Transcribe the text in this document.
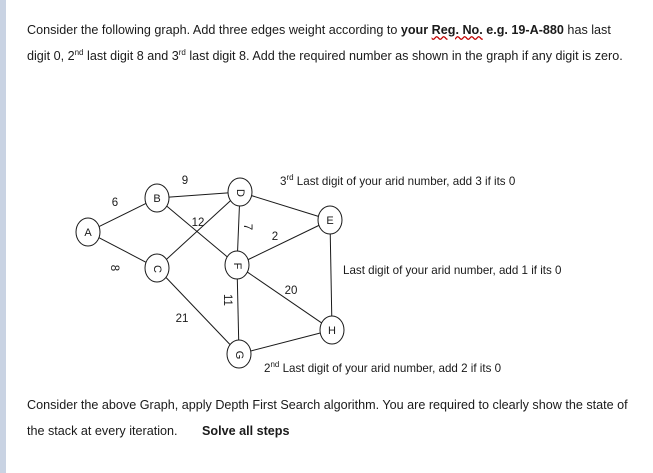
Consider the following graph. Add three edges weight according to your Reg. No. e.g. 19-A-880 has last digit 0, 2nd last digit 8 and 3rd last digit 8. Add the required number as shown in the graph if any digit is zero.

6
8
9
12
21
7
2
11
20
A
B
C
D
E
F
G
H
3rd Last digit of your arid number, add 3 if its 0
Last digit of your arid number, add 1 if its 0
2nd Last digit of your arid number, add 2 if its 0

Consider the above Graph, apply Depth First Search algorithm. You are required to clearly show the state of the stack at every iteration. Solve all steps
